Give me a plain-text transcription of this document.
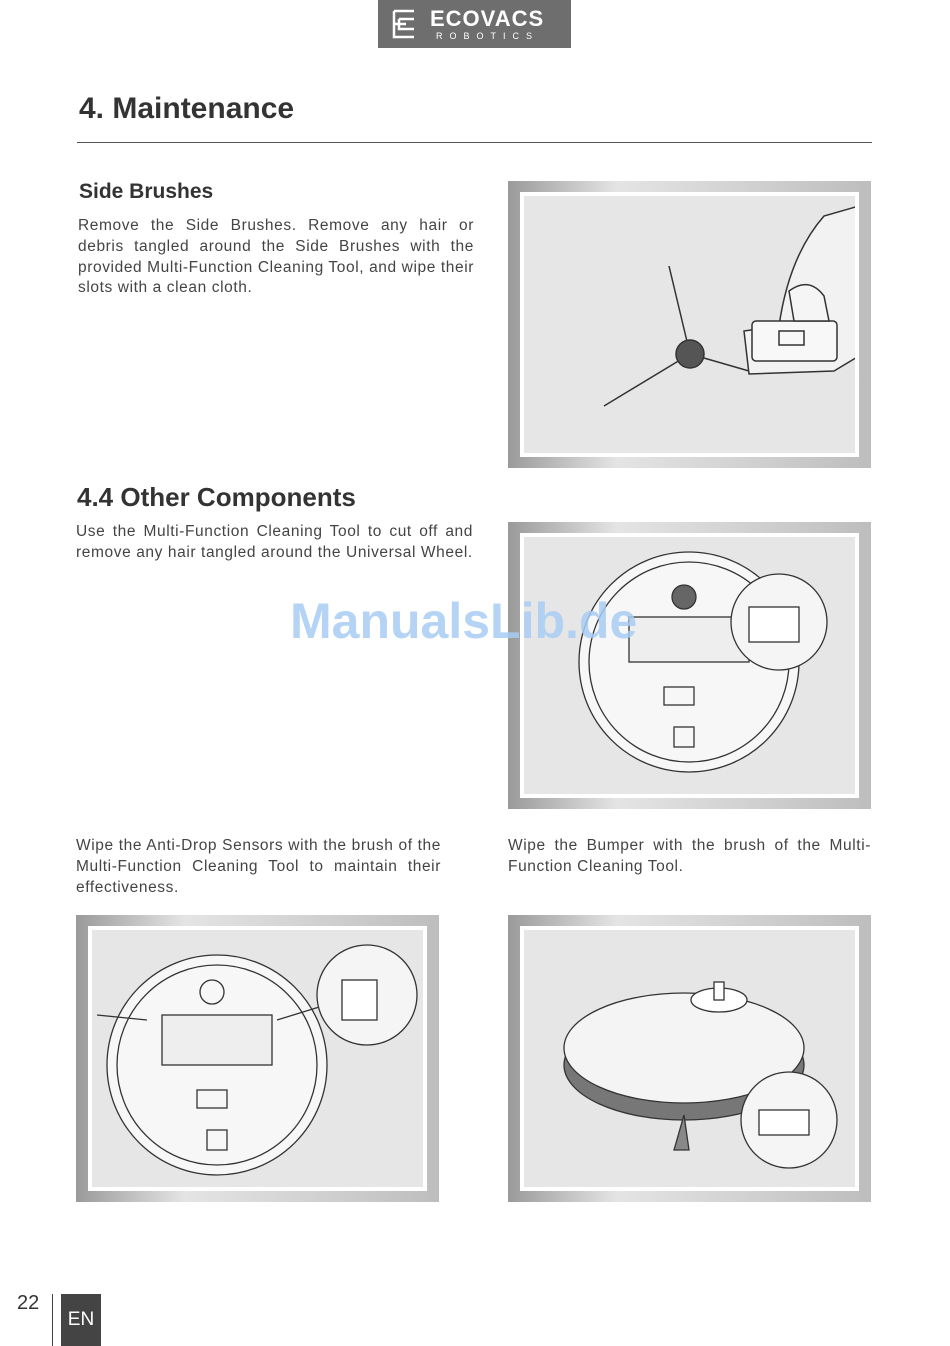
ECOVACS
ROBOTICS
4. Maintenance
Side Brushes

Remove the Side Brushes. Remove any hair or debris tangled around the Side Brushes with the provided Multi-Function Cleaning Tool, and wipe their slots with a clean cloth.

4.4 Other Components

Use the Multi-Function Cleaning Tool to cut off and remove any hair tangled around the Universal Wheel.

ManualsLib.de

Wipe the Anti-Drop Sensors with the brush of the Multi-Function Cleaning Tool to maintain their effectiveness.

Wipe the Bumper with the brush of the Multi-Function Cleaning Tool.

22
EN
